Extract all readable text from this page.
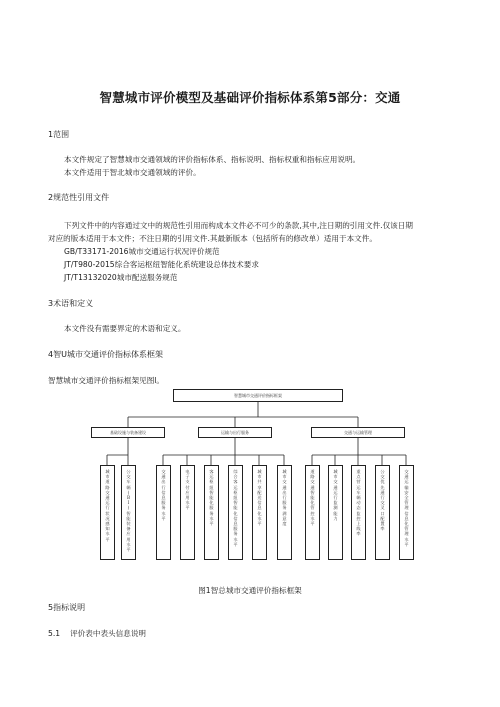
智慧城市评价模型及基础评价指标体系第5部分：交通
1范围
本文件规定了智慧城市交通领域的评价指标体系、指标说明、指标权重和指标应用说明。
本文件适用于智北城市交通领域的评价。
2规范性引用文件
下列文件中的内容通过文中的规范性引用而构成本文件必不可少的条款,其中,注日期的引用文件.仅该日期
对应的版本适用于本文件；不注日期的引用文件.其最新版本（包括所有的修改单）适用于本文件。
GB/T33171-2016城市交通运行状况评价规范
JT/T980-2015综合客运枢纽智能化系统建设总体技术要求
JT/T13132020城市配送服务规范
3术语和定义
本文件没有需要界定的术语和定义。
4智U城市交通评价指标体系框架
智慧城市交通评价指标框架见图l。
智慧城市交通评价指标框架
基础设施与装备建设	运输与出行服务	交通与运输管理
城
市
道
路
交
通
运
行
状
况
感
知
水
平
公
交
车
辆
(
B
I
)
智
能
装
备
应
用
水
平
交
通
出
行
信
息
服
务
水
平
电
子
支
付
应
用
水
平
客
运
枢
纽
智
能
化
服
务
水
平
综
合
客
运
枢
纽
智
能
化
信
息
服
务
水
平
城
市
共
享
配
送
信
息
化
水
平
城
市
交
通
出
行
服
务
满
意
度
道
路
交
通
智
能
化
管
控
水
平
城
市
交
通
运
行
监
测
能
力
重
点
营
运
车
辆
动
态
监
控
上
线
率
公
交
优
先
通
行
交
叉
口
配
置
率
交
通
运
输
安
全
管
理
信
息
化
管
理
水
平
图1智总城市交通评价指标框架
5指标说明
5.1　 评价表中表头信息说明
